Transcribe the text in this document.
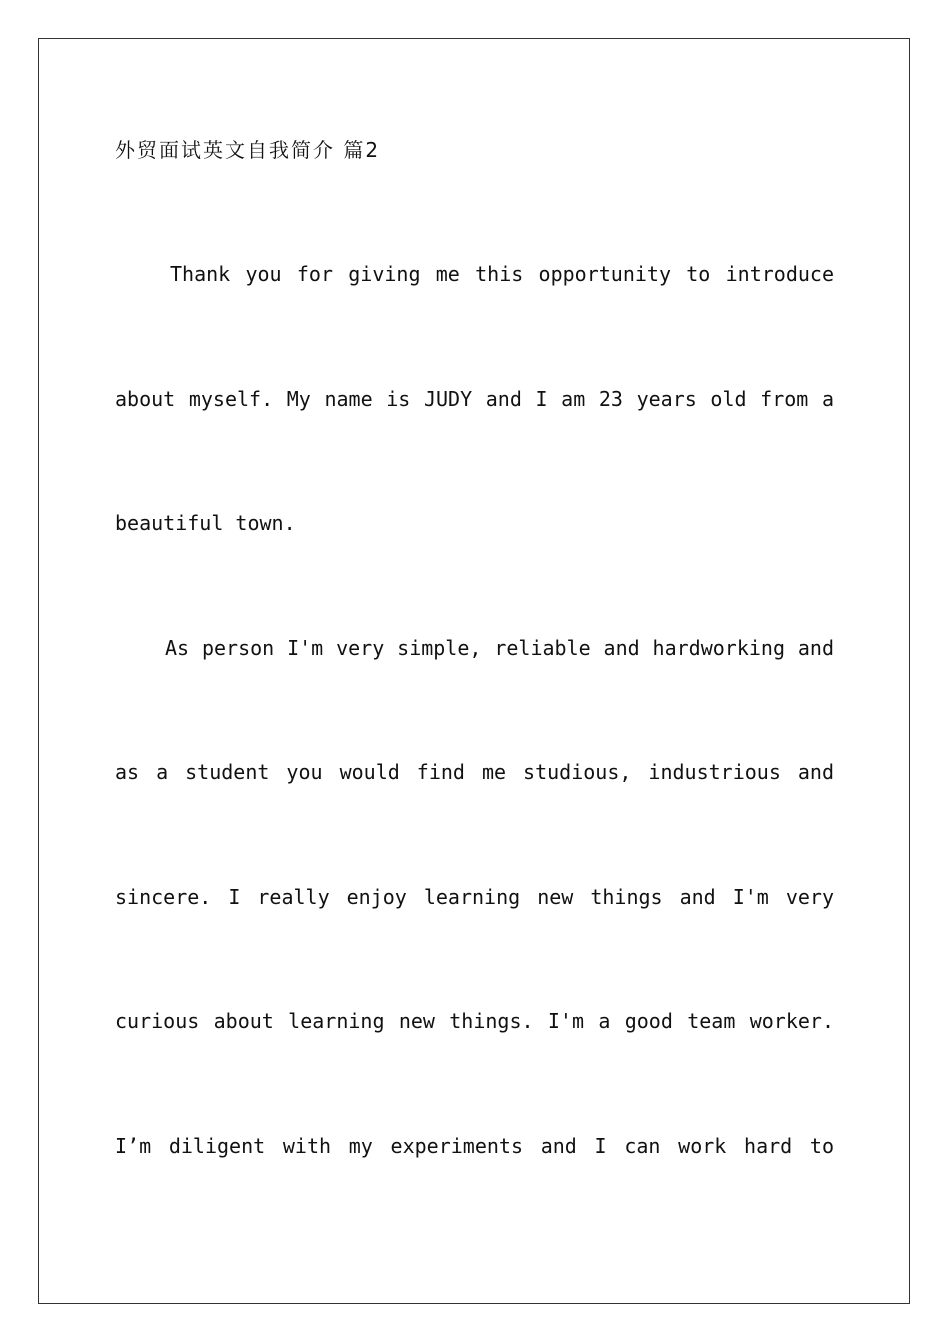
外贸面试英文自我简介 篇2
Thank you for giving me this opportunity to introduce
about myself. My name is JUDY and I am 23 years old from a
beautiful town.
As person I'm very simple, reliable and hardworking and
as a student you would find me studious, industrious and
sincere. I really enjoy learning new things and I'm very
curious about learning new things. I'm a good team worker.
I’m diligent with my experiments and I can work hard to
